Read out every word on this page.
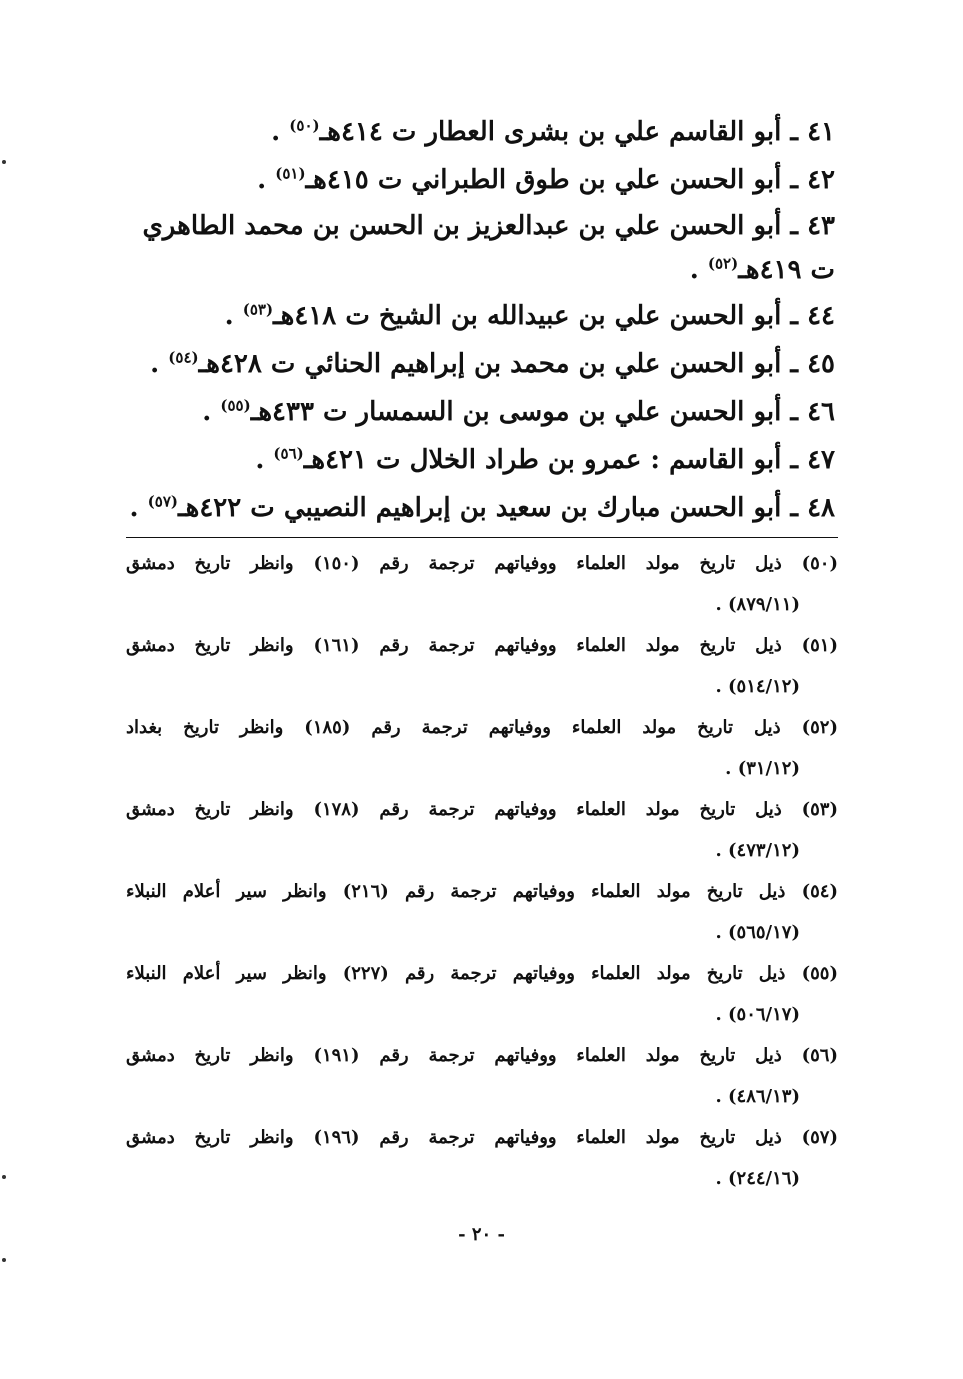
٤١ ـ أبو القاسم علي بن بشرى العطار ت ٤١٤هـ$^{(٥٠)}$ .
٤٢ ـ أبو الحسن علي بن طوق الطبراني ت ٤١٥هـ$^{(٥١)}$ .
٤٣ ـ أبو الحسن علي بن عبدالعزيز بن الحسن بن محمد الطاهري
ت ٤١٩هـ$^{(٥٢)}$ .
٤٤ ـ أبو الحسن علي بن عبيدالله بن الشيخ ت ٤١٨هـ$^{(٥٣)}$ .
٤٥ ـ أبو الحسن علي بن محمد بن إبراهيم الحنائي ت ٤٢٨هـ$^{(٥٤)}$ .
٤٦ ـ أبو الحسن علي بن موسى بن السمسار ت ٤٣٣هـ$^{(٥٥)}$ .
٤٧ ـ أبو القاسم : عمرو بن طراد الخلال ت ٤٢١هـ$^{(٥٦)}$ .
٤٨ ـ أبو الحسن مبارك بن سعيد بن إبراهيم النصيبي ت ٤٢٢هـ$^{(٥٧)}$ .
(٥٠) ذيل تاريخ مولد العلماء ووفياتهم ترجمة رقم (١٥٠) وانظر تاريخ دمشق
(٨٧٩/١١) .
(٥١) ذيل تاريخ مولد العلماء ووفياتهم ترجمة رقم (١٦١) وانظر تاريخ دمشق
(٥١٤/١٢) .
(٥٢) ذيل تاريخ مولد العلماء ووفياتهم ترجمة رقم (١٨٥) وانظر تاريخ بغداد
(٣١/١٢) .
(٥٣) ذيل تاريخ مولد العلماء ووفياتهم ترجمة رقم (١٧٨) وانظر تاريخ دمشق
(٤٧٣/١٢) .
(٥٤) ذيل تاريخ مولد العلماء ووفياتهم ترجمة رقم (٢١٦) وانظر سير أعلام النبلاء
(٥٦٥/١٧) .
(٥٥) ذيل تاريخ مولد العلماء ووفياتهم ترجمة رقم (٢٢٧) وانظر سير أعلام النبلاء
(٥٠٦/١٧) .
(٥٦) ذيل تاريخ مولد العلماء ووفياتهم ترجمة رقم (١٩١) وانظر تاريخ دمشق
(٤٨٦/١٣) .
(٥٧) ذيل تاريخ مولد العلماء ووفياتهم ترجمة رقم (١٩٦) وانظر تاريخ دمشق
(٢٤٤/١٦) .
- ٢٠ -
